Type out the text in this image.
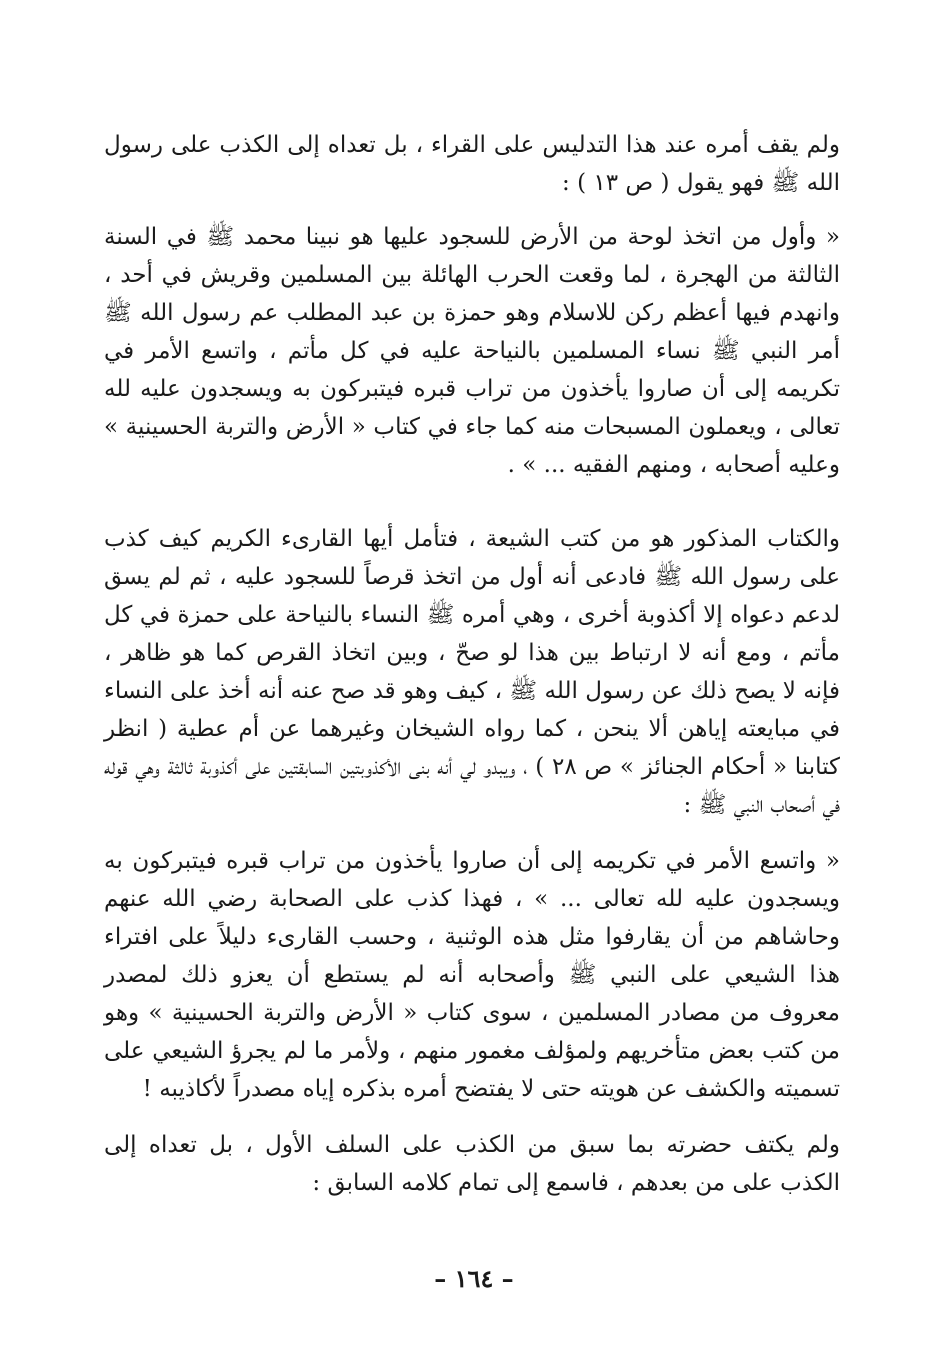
ولم يقف أمره عند هذا التدليس على القراء ، بل تعداه إلى الكذب على رسول الله ﷺ فهو يقول ( ص ١٣ ) :

« وأول من اتخذ لوحة من الأرض للسجود عليها هو نبينا محمد ﷺ في السنة الثالثة من الهجرة ، لما وقعت الحرب الهائلة بين المسلمين وقريش في أحد ، وانهدم فيها أعظم ركن للاسلام وهو حمزة بن عبد المطلب عم رسول الله ﷺ أمر النبي ﷺ نساء المسلمين بالنياحة عليه في كل مأتم ، واتسع الأمر في تكريمه إلى أن صاروا يأخذون من تراب قبره فيتبركون به ويسجدون عليه لله تعالى ، ويعملون المسبحات منه كما جاء في كتاب « الأرض والتربة الحسينية » وعليه أصحابه ، ومنهم الفقيه ... » .

والكتاب المذكور هو من كتب الشيعة ، فتأمل أيها القارىء الكريم كيف كذب على رسول الله ﷺ فادعى أنه أول من اتخذ قرصاً للسجود عليه ، ثم لم يسق لدعم دعواه إلا أكذوبة أخرى ، وهي أمره ﷺ النساء بالنياحة على حمزة في كل مأتم ، ومع أنه لا ارتباط بين هذا لو صحّ ، وبين اتخاذ القرص كما هو ظاهر ، فإنه لا يصح ذلك عن رسول الله ﷺ ، كيف وهو قد صح عنه أنه أخذ على النساء في مبايعته إياهن ألا ينحن ، كما رواه الشيخان وغيرهما عن أم عطية ( انظر كتابنا « أحكام الجنائز » ص ٢٨ ) ، ويبدو لي أنه بنى الأكذوبتين السابقتين على أكذوبة ثالثة وهي قوله في أصحاب النبي ﷺ :

« واتسع الأمر في تكريمه إلى أن صاروا يأخذون من تراب قبره فيتبركون به ويسجدون عليه لله تعالى ... » ، فهذا كذب على الصحابة رضي الله عنهم وحاشاهم من أن يقارفوا مثل هذه الوثنية ، وحسب القارىء دليلاً على افتراء هذا الشيعي على النبي ﷺ وأصحابه أنه لم يستطع أن يعزو ذلك لمصدر معروف من مصادر المسلمين ، سوى كتاب « الأرض والتربة الحسينية » وهو من كتب بعض متأخريهم ولمؤلف مغمور منهم ، ولأمر ما لم يجرؤ الشيعي على تسميته والكشف عن هويته حتى لا يفتضح أمره بذكره إياه مصدراً لأكاذيبه !

ولم يكتف حضرته بما سبق من الكذب على السلف الأول ، بل تعداه إلى الكذب على من بعدهم ، فاسمع إلى تمام كلامه السابق :

– ١٦٤ –
